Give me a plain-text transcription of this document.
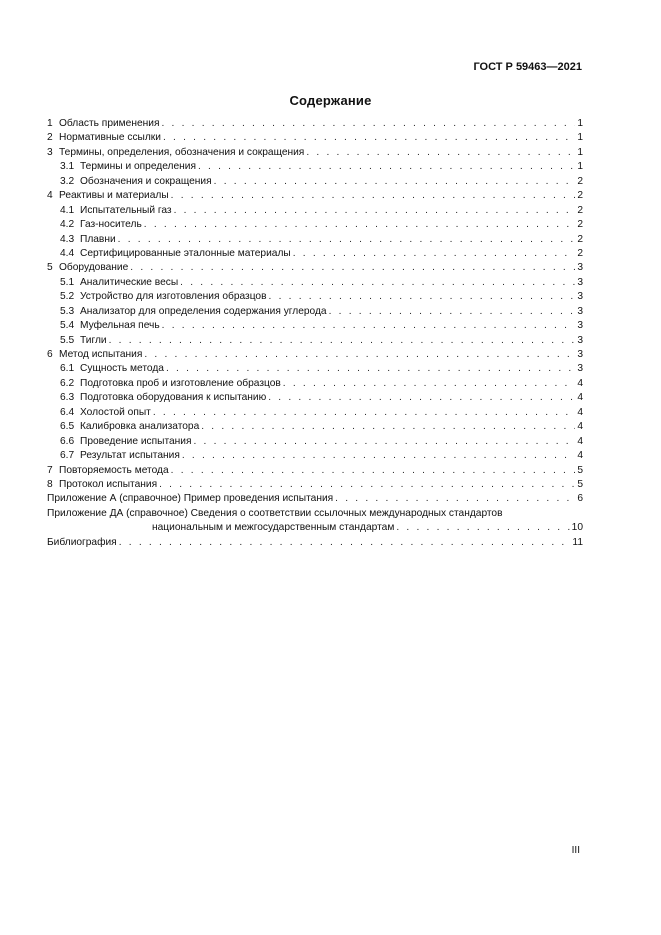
ГОСТ Р 59463—2021
Содержание
1 Область применения . . .	1
2 Нормативные ссылки . . .	1
3 Термины, определения, обозначения и сокращения . . .	1
3.1 Термины и определения . . .	1
3.2 Обозначения и сокращения . . .	2
4 Реактивы и материалы . . .	2
4.1 Испытательный газ . . .	2
4.2 Газ-носитель . . .	2
4.3 Плавни . . .	2
4.4 Сертифицированные эталонные материалы . . .	2
5 Оборудование . . .	3
5.1 Аналитические весы . . .	3
5.2 Устройство для изготовления образцов . . .	3
5.3 Анализатор для определения содержания углерода . . .	3
5.4 Муфельная печь . . .	3
5.5 Тигли . . .	3
6 Метод испытания . . .	3
6.1 Сущность метода . . .	3
6.2 Подготовка проб и изготовление образцов . . .	4
6.3 Подготовка оборудования к испытанию . . .	4
6.4 Холостой опыт . . .	4
6.5 Калибровка анализатора . . .	4
6.6 Проведение испытания . . .	4
6.7 Результат испытания . . .	4
7 Повторяемость метода . . .	5
8 Протокол испытания . . .	5
Приложение А (справочное) Пример проведения испытания . . .	6
Приложение ДА (справочное) Сведения о соответствии ссылочных международных стандартов
национальным и межгосударственным стандартам . . .	10
Библиография . . .	11
III
